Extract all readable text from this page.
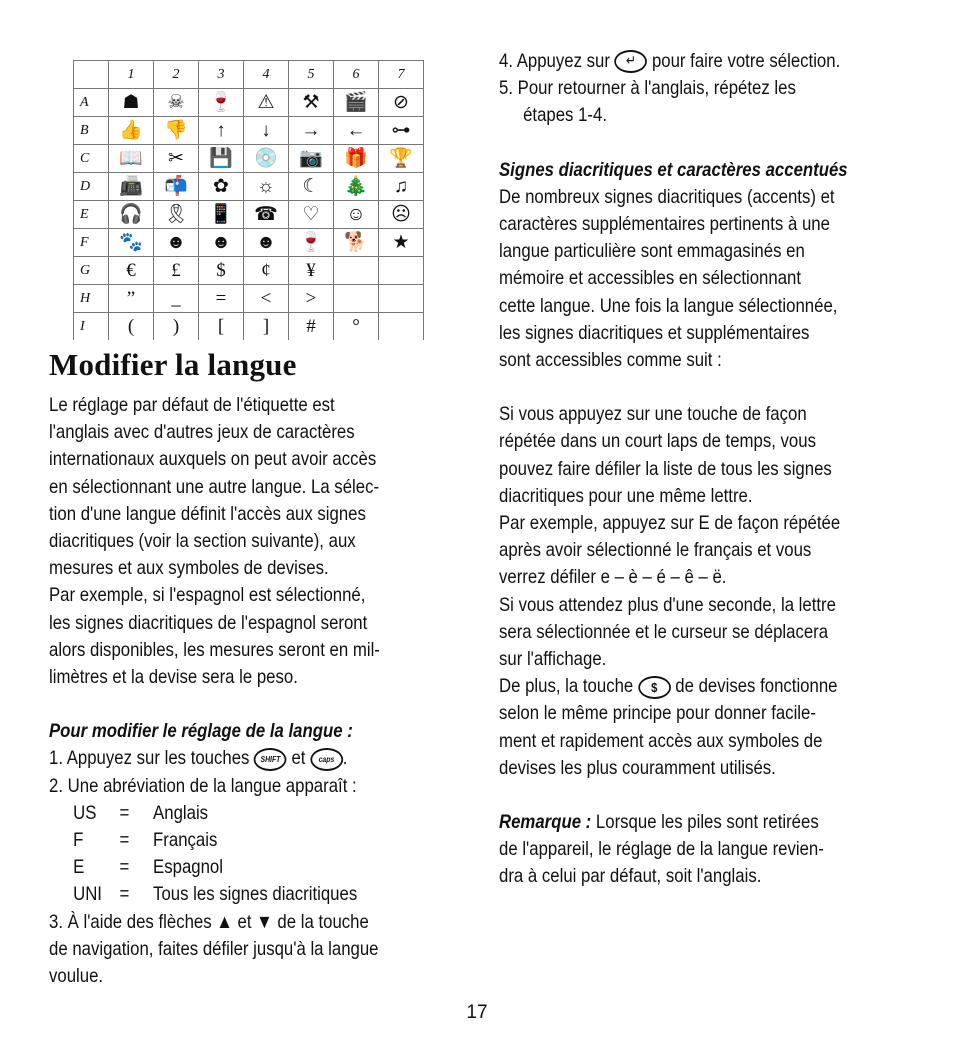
	1	2	3	4	5	6	7
A	☗	☠	🍷	⚠	⚒	🎬	⊘
B	👍	👎	↑	↓	→	←	⊶
C	📖	✂	💾	💿	📷	🎁	🏆
D	📠	📬	✿	☼	☾	🎄	♫
E	🎧	🎗	📱	☎	♡	☺	☹
F	🐾	☻	☻	☻	🍷	🐕	★
G	€	£	$	¢	¥		
H	”	_	=	<	>		
I	(	)	[	]	#	°	
Modifier la langue

Le réglage par défaut de l'étiquette est

l'anglais avec d'autres jeux de caractères

internationaux auxquels on peut avoir accès

en sélectionnant une autre langue. La sélec-

tion d'une langue définit l'accès aux signes

diacritiques (voir la section suivante), aux

mesures et aux symboles de devises.

Par exemple, si l'espagnol est sélectionné,

les signes diacritiques de l'espagnol seront

alors disponibles, les mesures seront en mil-

limètres et la devise sera le peso.

Pour modifier le réglage de la langue :

1. Appuyez sur les touches SHIFT et caps .

2. Une abréviation de la langue apparaît :

US	=	Anglais
F	=	Français
E	=	Espagnol
UNI =	Tous les signes diacritiques

3. À l'aide des flèches ▲ et ▼ de la touche

de navigation, faites défiler jusqu'à la langue

voulue.

4. Appuyez sur ↵ pour faire votre sélection.

5. Pour retourner à l'anglais, répétez les

étapes 1-4.

Signes diacritiques et caractères accentués

De nombreux signes diacritiques (accents) et

caractères supplémentaires pertinents à une

langue particulière sont emmagasinés en

mémoire et accessibles en sélectionnant

cette langue. Une fois la langue sélectionnée,

les signes diacritiques et supplémentaires

sont accessibles comme suit :

Si vous appuyez sur une touche de façon

répétée dans un court laps de temps, vous

pouvez faire défiler la liste de tous les signes

diacritiques pour une même lettre.

Par exemple, appuyez sur E de façon répétée

après avoir sélectionné le français et vous

verrez défiler e – è – é – ê – ë.

Si vous attendez plus d'une seconde, la lettre

sera sélectionnée et le curseur se déplacera

sur l'affichage.

De plus, la touche $ de devises fonctionne

selon le même principe pour donner facile-

ment et rapidement accès aux symboles de

devises les plus couramment utilisés.

Remarque : Lorsque les piles sont retirées

de l'appareil, le réglage de la langue revien-

dra à celui par défaut, soit l'anglais.

17
